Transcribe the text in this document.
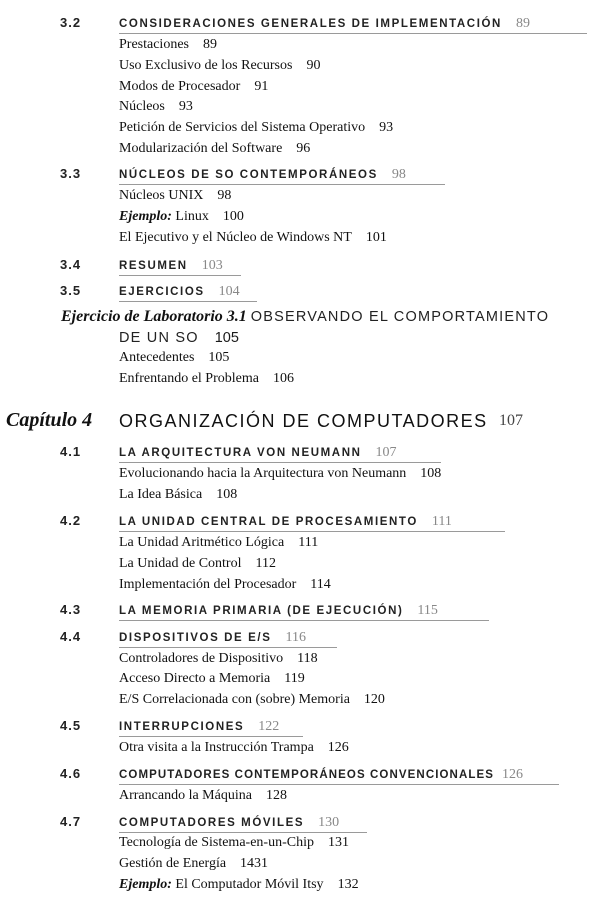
3.2	CONSIDERACIONES GENERALES DE IMPLEMENTACIÓN 89
Prestaciones 89
Uso Exclusivo de los Recursos 90
Modos de Procesador 91
Núcleos 93
Petición de Servicios del Sistema Operativo 93
Modularización del Software 96
3.3	NÚCLEOS DE SO CONTEMPORÁNEOS 98
Núcleos UNIX 98
Ejemplo: Linux 100
El Ejecutivo y el Núcleo de Windows NT 101
3.4	RESUMEN 103
3.5	EJERCICIOS 104
Ejercicio de Laboratorio 3.1 OBSERVANDO EL COMPORTAMIENTO
DE UN SO 105
Antecedentes 105
Enfrentando el Problema 106
Capítulo 4 ORGANIZACIÓN DE COMPUTADORES 107
4.1	LA ARQUITECTURA VON NEUMANN 107
Evolucionando hacia la Arquitectura von Neumann 108
La Idea Básica 108
4.2	LA UNIDAD CENTRAL DE PROCESAMIENTO 111
La Unidad Aritmético Lógica 111
La Unidad de Control 112
Implementación del Procesador 114
4.3	LA MEMORIA PRIMARIA (DE EJECUCIÓN) 115
4.4	DISPOSITIVOS DE E/S 116
Controladores de Dispositivo 118
Acceso Directo a Memoria 119
E/S Correlacionada con (sobre) Memoria 120
4.5	INTERRUPCIONES 122
Otra visita a la Instrucción Trampa 126
4.6	COMPUTADORES CONTEMPORÁNEOS CONVENCIONALES 126
Arrancando la Máquina 128
4.7	COMPUTADORES MÓVILES 130
Tecnología de Sistema-en-un-Chip 131
Gestión de Energía 1431
Ejemplo: El Computador Móvil Itsy 132
